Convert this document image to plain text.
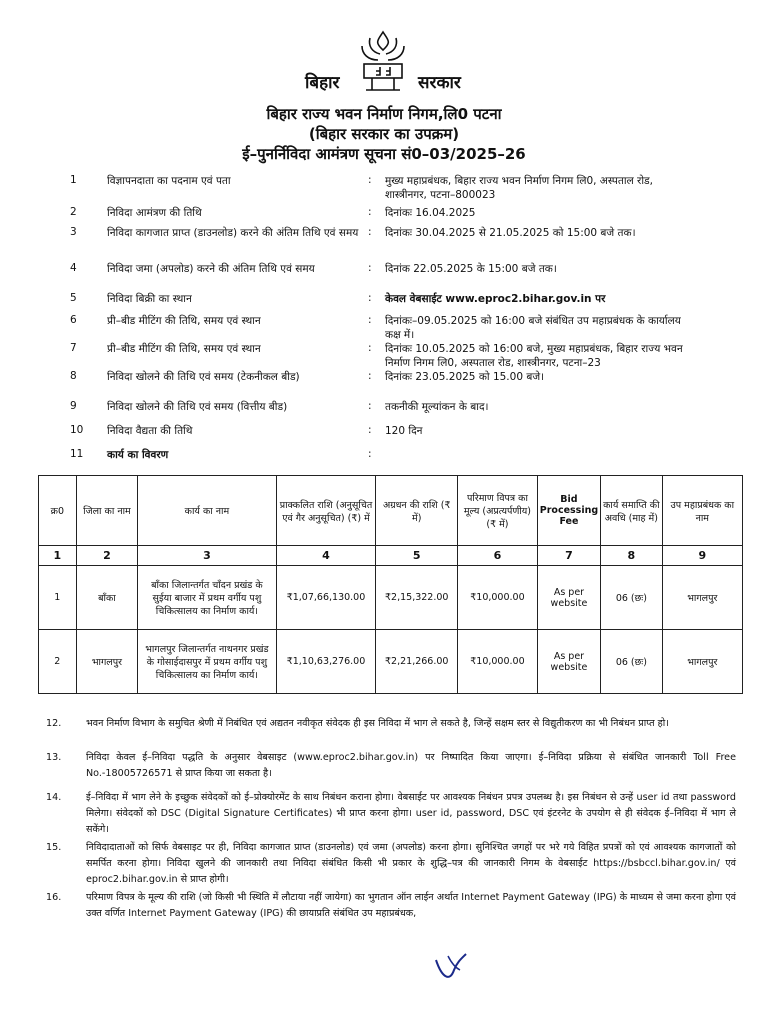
बिहार	सरकार
बिहार राज्य भवन निर्माण निगम,लि0 पटना
(बिहार सरकार का उपक्रम)
ई–पुनर्निविदा आमंत्रण सूचना सं0–03/2025–26
1	विज्ञापनदाता का पदनाम एवं पता	: मुख्य महाप्रबंधक, बिहार राज्य भवन निर्माण निगम लि0, अस्पताल रोड, शास्त्रीनगर, पटना–800023
2	निविदा आमंत्रण की तिथि	: दिनांकः 16.04.2025
3	निविदा कागजात प्राप्त (डाउनलोड) करने की अंतिम तिथि एवं समय : दिनांकः 30.04.2025 से 21.05.2025 को 15:00 बजे तक।
4	निविदा जमा (अपलोड) करने की अंतिम तिथि एवं समय	: दिनांक 22.05.2025 के 15:00 बजे तक।
5	निविदा बिक्री का स्थान	: केवल वेबसाईट www.eproc2.bihar.gov.in पर
6	प्री–बीड मीटिंग की तिथि, समय एवं स्थान	: दिनांकः–09.05.2025 को 16:00 बजे संबंधित उप महाप्रबंधक के कार्यालय कक्ष में।
7	प्री–बीड मीटिंग की तिथि, समय एवं स्थान	: दिनांकः 10.05.2025 को 16:00 बजे, मुख्य महाप्रबंधक, बिहार राज्य भवन निर्माण निगम लि0, अस्पताल रोड, शास्त्रीनगर, पटना–23
8	निविदा खोलने की तिथि एवं समय (टेकनीकल बीड)	: दिनांकः 23.05.2025 को 15.00 बजे।
9	निविदा खोलने की तिथि एवं समय (वित्तीय बीड)	: तकनीकी मूल्यांकन के बाद।
10	निविदा वैद्यता की तिथि	: 120 दिन
11	कार्य का विवरण	:
क्र0	जिला का नाम	कार्य का नाम	प्राक्कलित राशि (अनुसूचित एवं गैर अनुसूचित) (₹) में	अग्रधन की राशि (₹ में)	परिमाण विपत्र का मूल्य (अप्रत्यर्पणीय) (₹ में)	Bid Processing Fee	कार्य समाप्ति की अवधि (माह में)	उप महाप्रबंधक का नाम
1	2	3	4	5	6	7	8	9
1	बाँका	बाँका जिलान्तर्गत चाँदन प्रखंड के सुईया बाजार में प्रथम वर्गीय पशु चिकित्सालय का निर्माण कार्य।	₹1,07,66,130.00	₹2,15,322.00	₹10,000.00	As per website	06 (छः)	भागलपुर
2	भागलपुर	भागलपुर जिलान्तर्गत नाथनगर प्रखंड के गोसाईदासपुर में प्रथम वर्गीय पशु चिकित्सालय का निर्माण कार्य।	₹1,10,63,276.00	₹2,21,266.00	₹10,000.00	As per website	06 (छः)	भागलपुर
12.	भवन निर्माण विभाग के समुचित श्रेणी में निबंधित एवं अद्यतन नवीकृत संवेदक ही इस निविदा में भाग ले सकते है, जिन्हें सक्षम स्तर से विद्युतीकरण का भी निबंधन प्राप्त हो।
13.	निविदा केवल ई–निविदा पद्धति के अनुसार वेबसाइट (www.eproc2.bihar.gov.in) पर निष्पादित किया जाएगा। ई–निविदा प्रक्रिया से संबंधित जानकारी Toll Free No.-18005726571 से प्राप्त किया जा सकता है।
14.	ई–निविदा में भाग लेने के इच्छुक संवेदकों को ई–प्रोक्योरमेंट के साथ निबंधन कराना होगा। वेबसाईट पर आवश्यक निबंधन प्रपत्र उपलब्ध है। इस निबंधन से उन्हें user id तथा password मिलेगा। संवेदकों को DSC (Digital Signature Certificates) भी प्राप्त करना होगा। user id, password, DSC एवं इंटरनेट के उपयोग से ही संवेदक ई–निविदा में भाग ले सकेंगे।
15.	निविदादाताओं को सिर्फ वेबसाइट पर ही, निविदा कागजात प्राप्त (डाउनलोड) एवं जमा (अपलोड) करना होगा। सुनिश्चित जगहों पर भरे गये विहित प्रपत्रों को एवं आवश्यक कागजातों को समर्पित करना होगा। निविदा खुलने की जानकारी तथा निविदा संबंधित किसी भी प्रकार के शुद्धि–पत्र की जानकारी निगम के वेबसाईट https://bsbccl.bihar.gov.in/ एवं eproc2.bihar.gov.in से प्राप्त होगी।
16.	परिमाण विपत्र के मूल्य की राशि (जो किसी भी स्थिति में लौटाया नहीं जायेगा) का भुगतान ऑन लाईन अर्थात Internet Payment Gateway (IPG) के माध्यम से जमा करना होगा एवं उक्त वर्णित Internet Payment Gateway (IPG) की छायाप्रति संबंधित उप महाप्रबंधक,
